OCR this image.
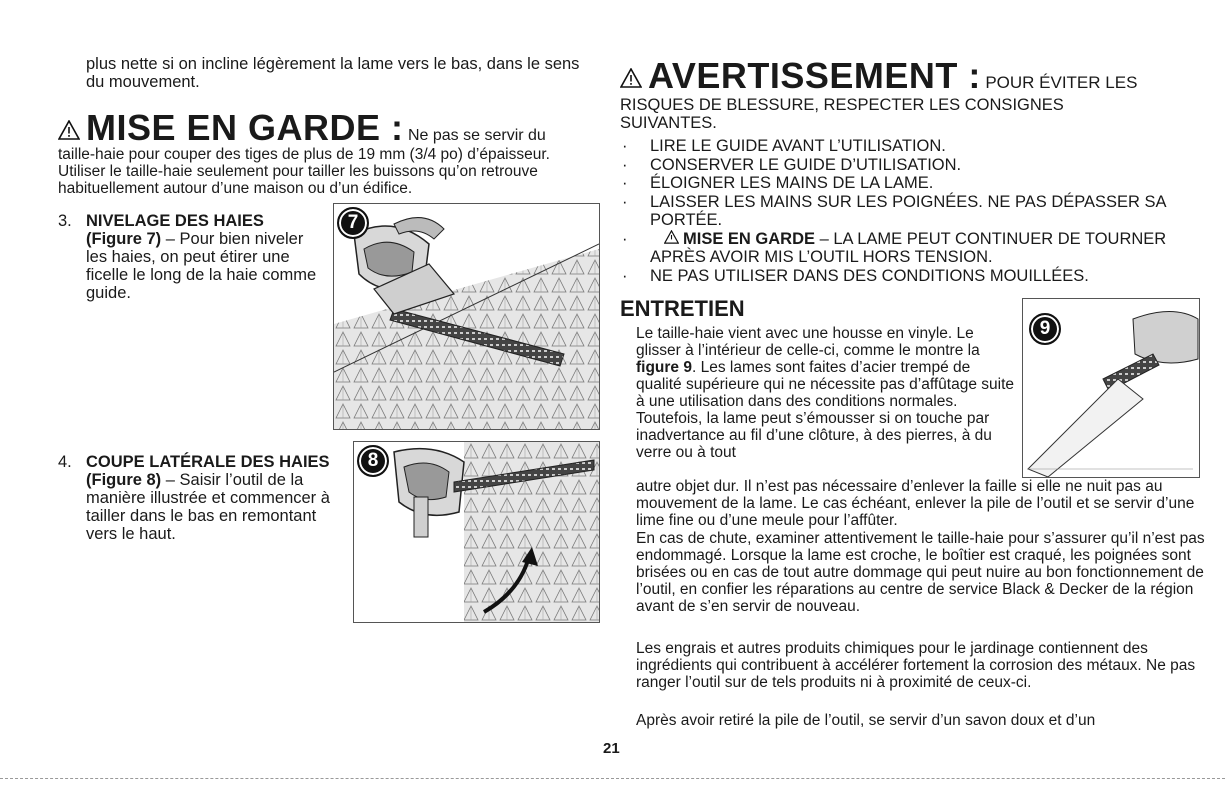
plus nette si on incline légèrement la lame vers le bas, dans le sens du mouvement.
MISE EN GARDE : Ne pas se servir du
taille-haie pour couper des tiges de plus de 19 mm (3/4 po) d’épaisseur. Utiliser le taille-haie seulement pour tailler les buissons qu’on retrouve habituellement autour d’une maison ou d’un édifice.
3. NIVELAGE DES HAIES
(Figure 7) – Pour bien niveler les haies, on peut étirer une ficelle le long de la haie comme guide.
7
4. COUPE LATÉRALE DES HAIES (Figure 8) – Saisir l’outil de la manière illustrée et commencer à tailler dans le bas en remontant vers le haut.
8
AVERTISSEMENT : POUR ÉVITER LES
RISQUES DE BLESSURE, RESPECTER LES CONSIGNES SUIVANTES.
· LIRE LE GUIDE AVANT L’UTILISATION.
· CONSERVER LE GUIDE D’UTILISATION.
· ÉLOIGNER LES MAINS DE LA LAME.
· LAISSER LES MAINS SUR LES POIGNÉES. NE PAS DÉPASSER SA PORTÉE.
·	MISE EN GARDE – LA LAME PEUT CONTINUER DE TOURNER APRÈS AVOIR MIS L’OUTIL HORS TENSION.
· NE PAS UTILISER DANS DES CONDITIONS MOUILLÉES.
ENTRETIEN
Le taille-haie vient avec une housse en vinyle. Le glisser à l’intérieur de celle-ci, comme le montre la figure 9. Les lames sont faites d’acier trempé de qualité supérieure qui ne nécessite pas d’affûtage suite à une utilisation dans des conditions normales. Toutefois, la lame peut s’émousser si on touche par inadvertance au fil d’une clôture, à des pierres, à du verre ou à tout
9
autre objet dur. Il n’est pas nécessaire d’enlever la faille si elle ne nuit pas au mouvement de la lame. Le cas échéant, enlever la pile de l’outil et se servir d’une lime fine ou d’une meule pour l’affûter.
En cas de chute, examiner attentivement le taille-haie pour s’assurer qu’il n’est pas endommagé. Lorsque la lame est croche, le boîtier est craqué, les poignées sont brisées ou en cas de tout autre dommage qui peut nuire au bon fonctionnement de l’outil, en confier les réparations au centre de service Black & Decker de la région avant de s’en servir de nouveau.
Les engrais et autres produits chimiques pour le jardinage contiennent des ingrédients qui contribuent à accélérer fortement la corrosion des métaux. Ne pas ranger l’outil sur de tels produits ni à proximité de ceux-ci.
Après avoir retiré la pile de l’outil, se servir d’un savon doux et d’un
21
